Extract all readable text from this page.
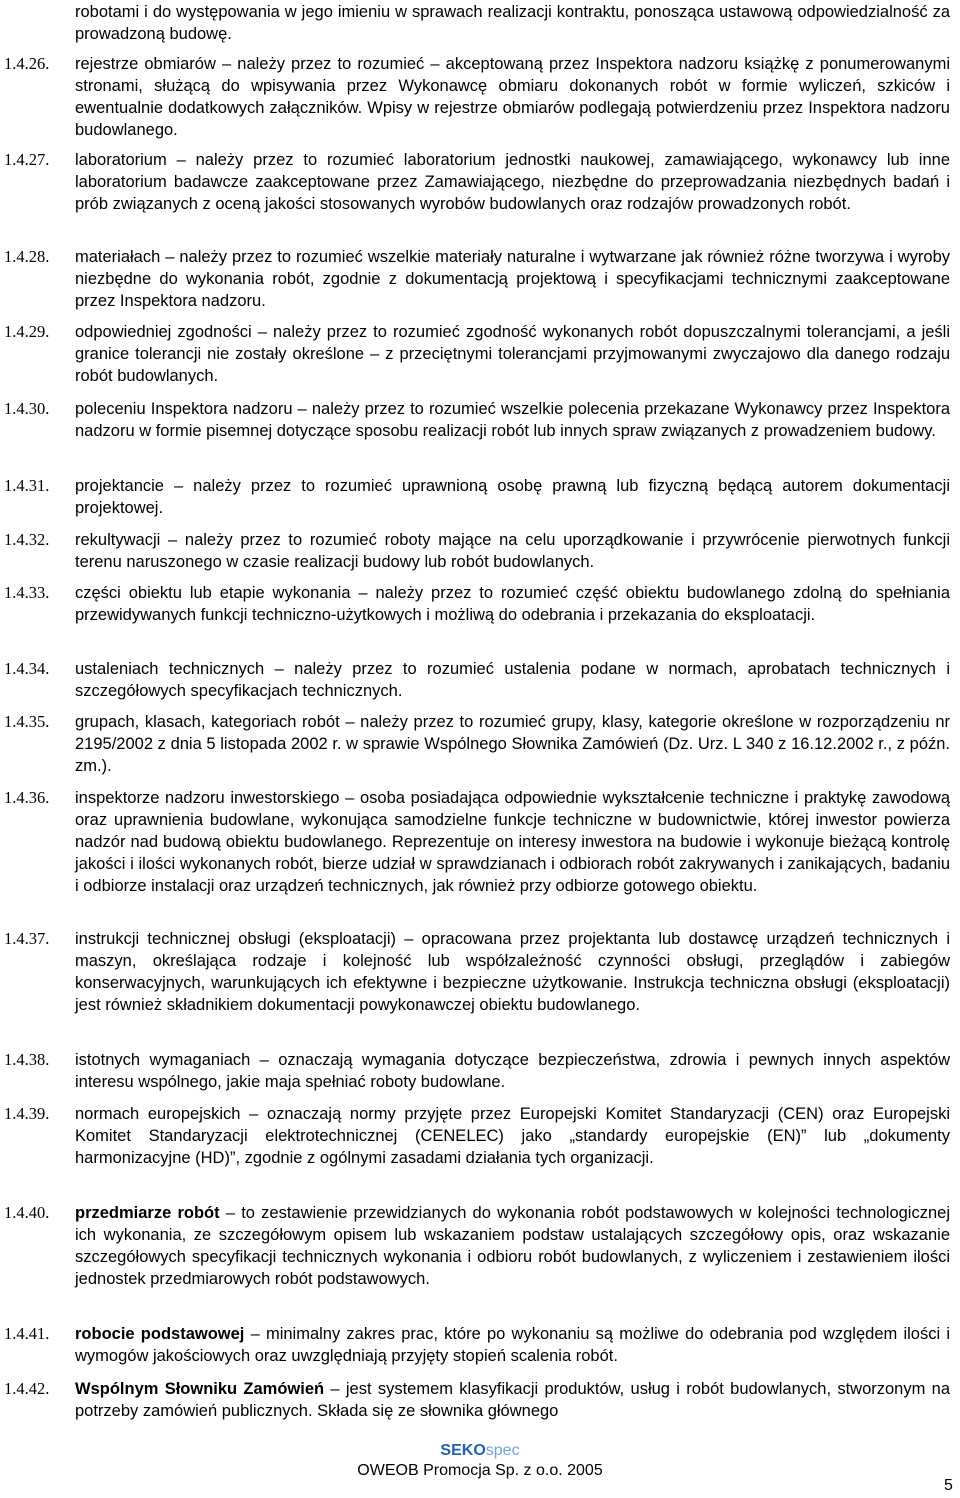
robotami i do występowania w jego imieniu w sprawach realizacji kontraktu, ponosząca ustawową odpowiedzialność za prowadzoną budowę.
1.4.26.	rejestrze obmiarów – należy przez to rozumieć – akceptowaną przez Inspektora nadzoru książkę z ponumerowanymi stronami, służącą do wpisywania przez Wykonawcę obmiaru dokonanych robót w formie wyliczeń, szkiców i ewentualnie dodatkowych załączników. Wpisy w rejestrze obmiarów podlegają potwierdzeniu przez Inspektora nadzoru budowlanego.
1.4.27.	laboratorium – należy przez to rozumieć laboratorium jednostki naukowej, zamawiającego, wykonawcy lub inne laboratorium badawcze zaakceptowane przez Zamawiającego, niezbędne do przeprowadzania niezbędnych badań i prób związanych z oceną jakości stosowanych wyrobów budowlanych oraz rodzajów prowadzonych robót.
1.4.28.	materiałach – należy przez to rozumieć wszelkie materiały naturalne i wytwarzane jak również różne tworzywa i wyroby niezbędne do wykonania robót, zgodnie z dokumentacją projektową i specyfikacjami technicznymi zaakceptowane przez Inspektora nadzoru.
1.4.29.	odpowiedniej zgodności – należy przez to rozumieć zgodność wykonanych robót dopuszczalnymi tolerancjami, a jeśli granice tolerancji nie zostały określone – z przeciętnymi tolerancjami przyjmowanymi zwyczajowo dla danego rodzaju robót budowlanych.
1.4.30.	poleceniu Inspektora nadzoru – należy przez to rozumieć wszelkie polecenia przekazane Wykonawcy przez Inspektora nadzoru w formie pisemnej dotyczące sposobu realizacji robót lub innych spraw związanych z prowadzeniem budowy.
1.4.31.	projektancie – należy przez to rozumieć uprawnioną osobę prawną lub fizyczną będącą autorem dokumentacji projektowej.
1.4.32.	rekultywacji – należy przez to rozumieć roboty mające na celu uporządkowanie i przywrócenie pierwotnych funkcji terenu naruszonego w czasie realizacji budowy lub robót budowlanych.
1.4.33.	części obiektu lub etapie wykonania – należy przez to rozumieć część obiektu budowlanego zdolną do spełniania przewidywanych funkcji techniczno-użytkowych i możliwą do odebrania i przekazania do eksploatacji.
1.4.34.	ustaleniach technicznych – należy przez to rozumieć ustalenia podane w normach, aprobatach technicznych i szczegółowych specyfikacjach technicznych.
1.4.35.	grupach, klasach, kategoriach robót – należy przez to rozumieć grupy, klasy, kategorie określone w rozporządzeniu nr 2195/2002 z dnia 5 listopada 2002 r. w sprawie Wspólnego Słownika Zamówień (Dz. Urz. L 340 z 16.12.2002 r., z późn. zm.).
1.4.36.	inspektorze nadzoru inwestorskiego – osoba posiadająca odpowiednie wykształcenie techniczne i praktykę zawodową oraz uprawnienia budowlane, wykonująca samodzielne funkcje techniczne w budownictwie, której inwestor powierza nadzór nad budową obiektu budowlanego. Reprezentuje on interesy inwestora na budowie i wykonuje bieżącą kontrolę jakości i ilości wykonanych robót, bierze udział w sprawdzianach i odbiorach robót zakrywanych i zanikających, badaniu i odbiorze instalacji oraz urządzeń technicznych, jak również przy odbiorze gotowego obiektu.
1.4.37.	instrukcji technicznej obsługi (eksploatacji) – opracowana przez projektanta lub dostawcę urządzeń technicznych i maszyn, określająca rodzaje i kolejność lub współzależność czynności obsługi, przeglądów i zabiegów konserwacyjnych, warunkujących ich efektywne i bezpieczne użytkowanie. Instrukcja techniczna obsługi (eksploatacji) jest również składnikiem dokumentacji powykonawczej obiektu budowlanego.
1.4.38.	istotnych wymaganiach – oznaczają wymagania dotyczące bezpieczeństwa, zdrowia i pewnych innych aspektów interesu wspólnego, jakie maja spełniać roboty budowlane.
1.4.39.	normach europejskich – oznaczają normy przyjęte przez Europejski Komitet Standaryzacji (CEN) oraz Europejski Komitet Standaryzacji elektrotechnicznej (CENELEC) jako „standardy europejskie (EN)” lub „dokumenty harmonizacyjne (HD)”, zgodnie z ogólnymi zasadami działania tych organizacji.
1.4.40.	przedmiarze robót – to zestawienie przewidzianych do wykonania robót podstawowych w kolejności technologicznej ich wykonania, ze szczegółowym opisem lub wskazaniem podstaw ustalających szczegółowy opis, oraz wskazanie szczegółowych specyfikacji technicznych wykonania i odbioru robót budowlanych, z wyliczeniem i zestawieniem ilości jednostek przedmiarowych robót podstawowych.
1.4.41.	robocie podstawowej – minimalny zakres prac, które po wykonaniu są możliwe do odebrania pod względem ilości i wymogów jakościowych oraz uwzględniają przyjęty stopień scalenia robót.
1.4.42.	Wspólnym Słowniku Zamówień – jest systemem klasyfikacji produktów, usług i robót budowlanych, stworzonym na potrzeby zamówień publicznych. Składa się ze słownika głównego
SEKOspec
OWEOB Promocja Sp. z o.o. 2005
5
